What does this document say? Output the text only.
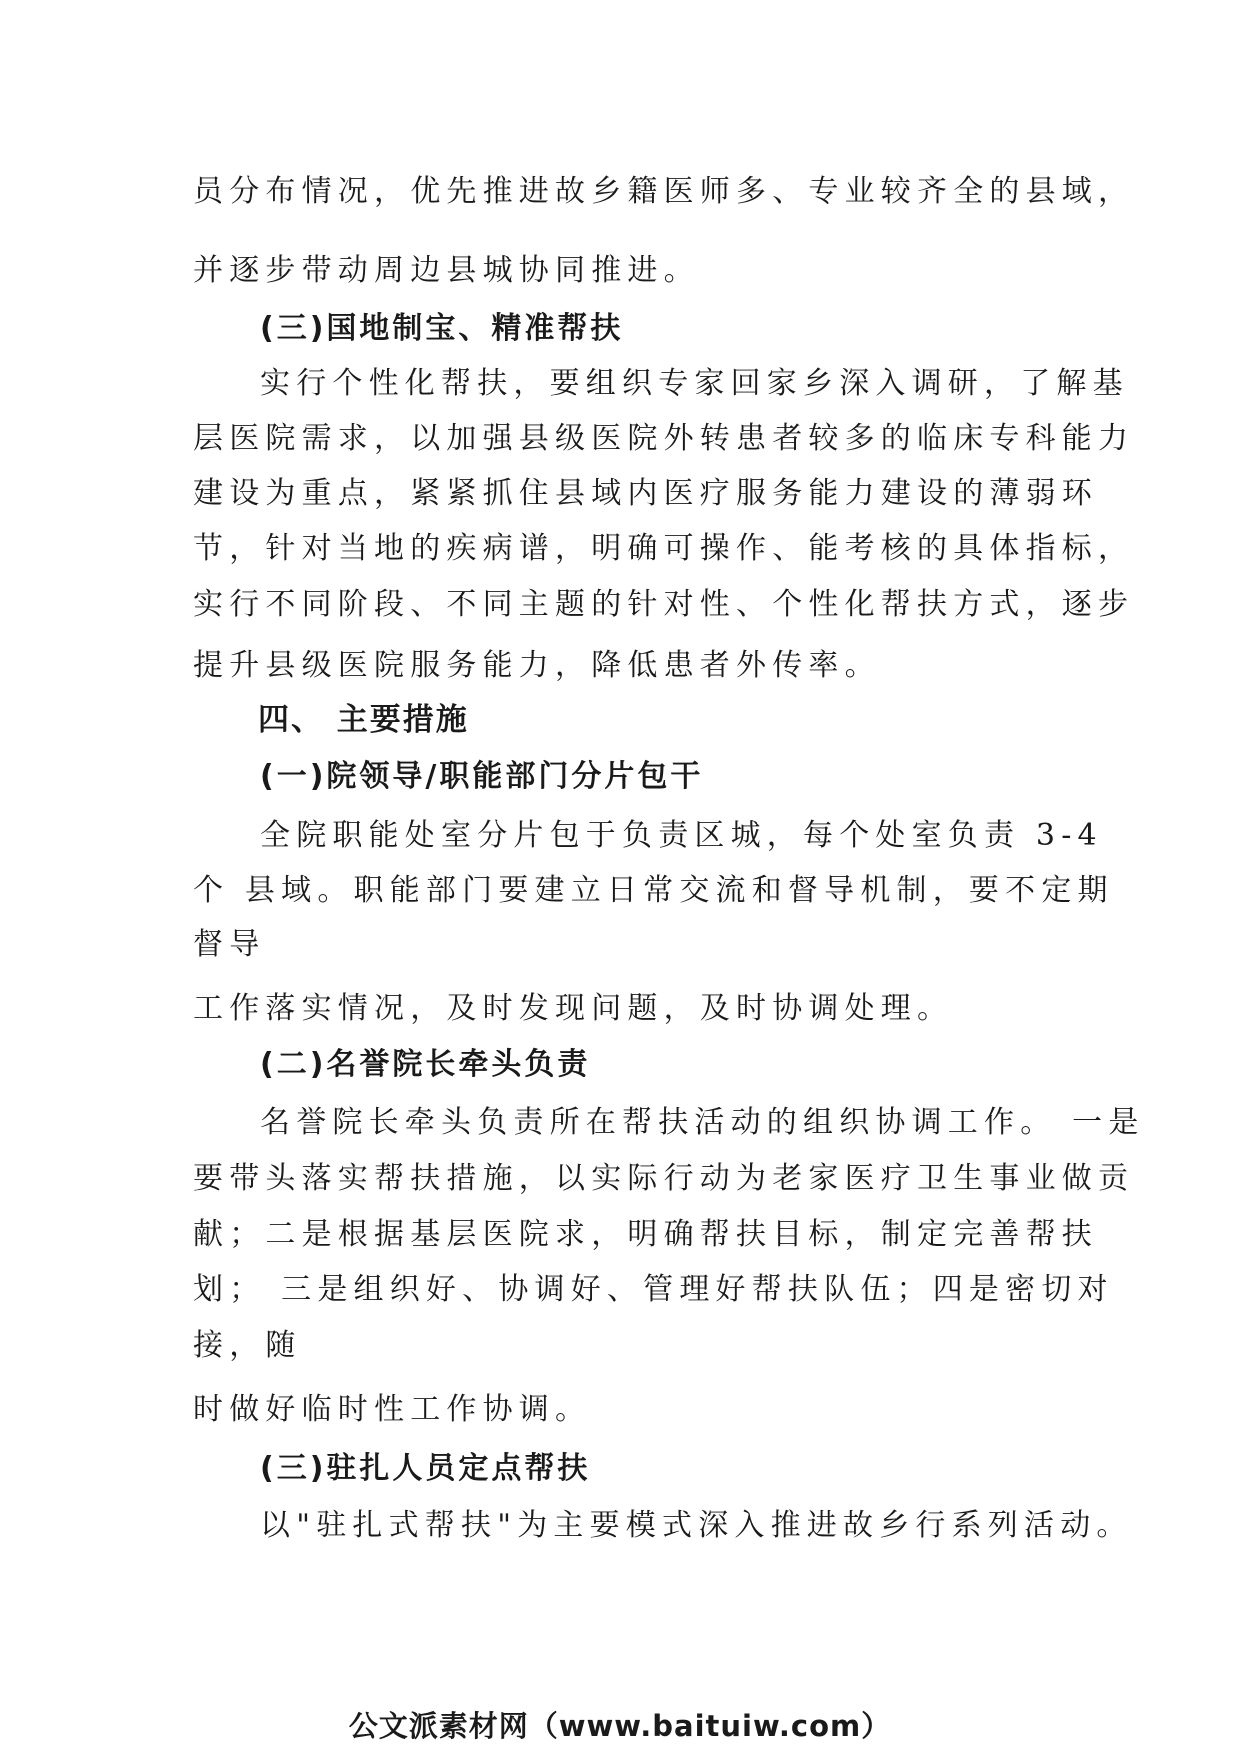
员分布情况，优先推进故乡籍医师多、专业较齐全的县域，

并逐步带动周边县城协同推进。

(三)国地制宝、精准帮扶

实行个性化帮扶，要组织专家回家乡深入调研，了解基

层医院需求，以加强县级医院外转患者较多的临床专科能力

建设为重点，紧紧抓住县域内医疗服务能力建设的薄弱环

节，针对当地的疾病谱，明确可操作、能考核的具体指标，

实行不同阶段、不同主题的针对性、个性化帮扶方式，逐步

提升县级医院服务能力，降低患者外传率。

四、 主要措施

(一)院领导/职能部门分片包干

全院职能处室分片包于负责区城，每个处室负责 3-4

个 县域。职能部门要建立日常交流和督导机制，要不定期

督导

工作落实情况，及时发现问题，及时协调处理。

(二)名誉院长牵头负责

名誉院长牵头负责所在帮扶活动的组织协调工作。 一是

要带头落实帮扶措施，以实际行动为老家医疗卫生事业做贡

献；二是根据基层医院求，明确帮扶目标，制定完善帮扶

划； 三是组织好、协调好、管理好帮扶队伍；四是密切对

接，随

时做好临时性工作协调。

(三)驻扎人员定点帮扶

以"驻扎式帮扶"为主要模式深入推进故乡行系列活动。

公文派素材网（www.baituiw.com）
